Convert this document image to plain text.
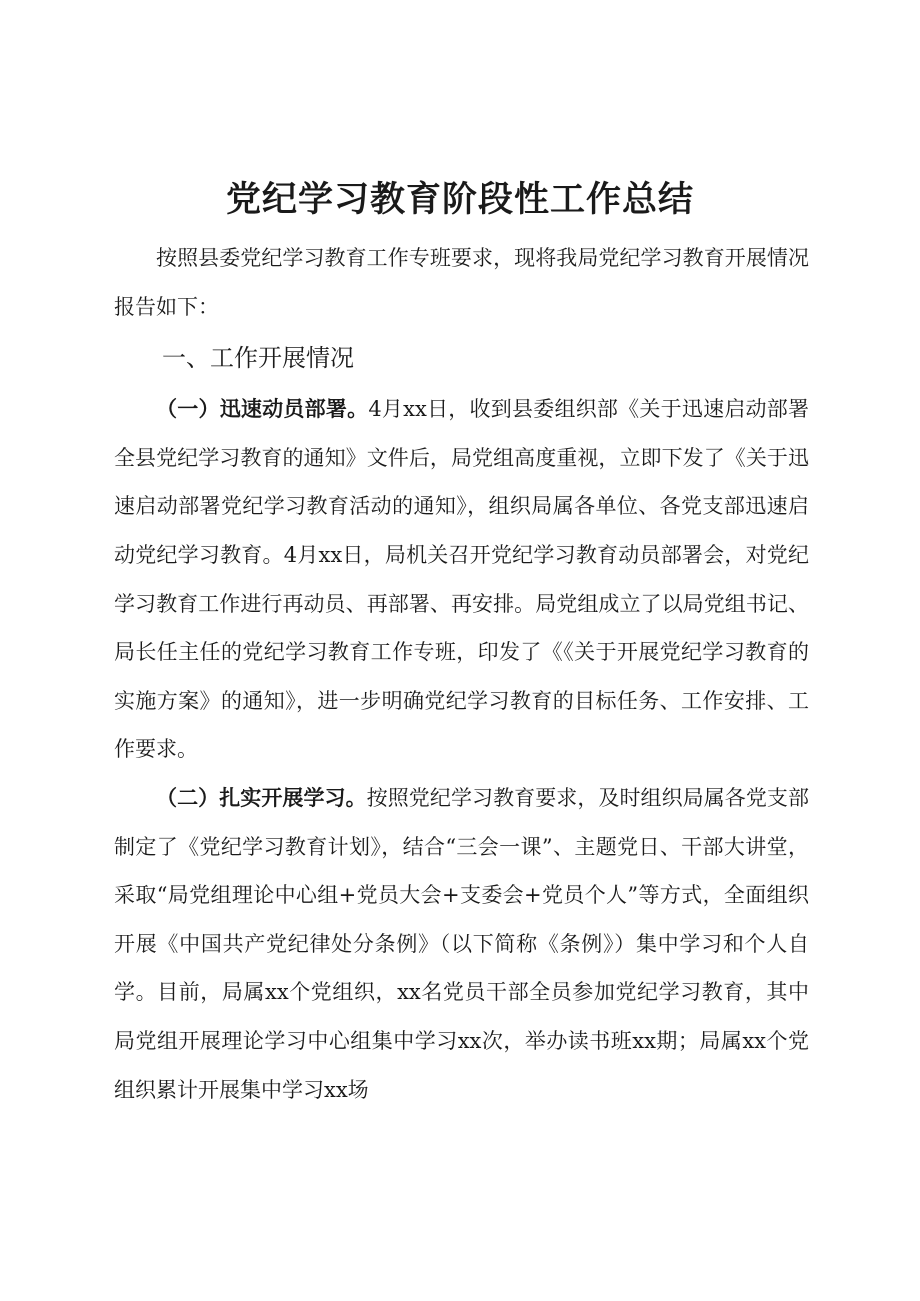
党纪学习教育阶段性工作总结

按照县委党纪学习教育工作专班要求，现将我局党纪学习教育开展情况报告如下：

一、工作开展情况

（一）迅速动员部署。4月xx日，收到县委组织部《关于迅速启动部署全县党纪学习教育的通知》文件后，局党组高度重视，立即下发了《关于迅速启动部署党纪学习教育活动的通知》，组织局属各单位、各党支部迅速启动党纪学习教育。4月xx日，局机关召开党纪学习教育动员部署会，对党纪学习教育工作进行再动员、再部署、再安排。局党组成立了以局党组书记、局长任主任的党纪学习教育工作专班，印发了《《关于开展党纪学习教育的实施方案》的通知》，进一步明确党纪学习教育的目标任务、工作安排、工作要求。

（二）扎实开展学习。按照党纪学习教育要求，及时组织局属各党支部制定了《党纪学习教育计划》，结合“三会一课”、主题党日、干部大讲堂，采取“局党组理论中心组+党员大会+支委会+党员个人”等方式，全面组织开展《中国共产党纪律处分条例》（以下简称《条例》）集中学习和个人自学。目前，局属xx个党组织，xx名党员干部全员参加党纪学习教育，其中局党组开展理论学习中心组集中学习xx次，举办读书班xx期；局属xx个党组织累计开展集中学习xx场
